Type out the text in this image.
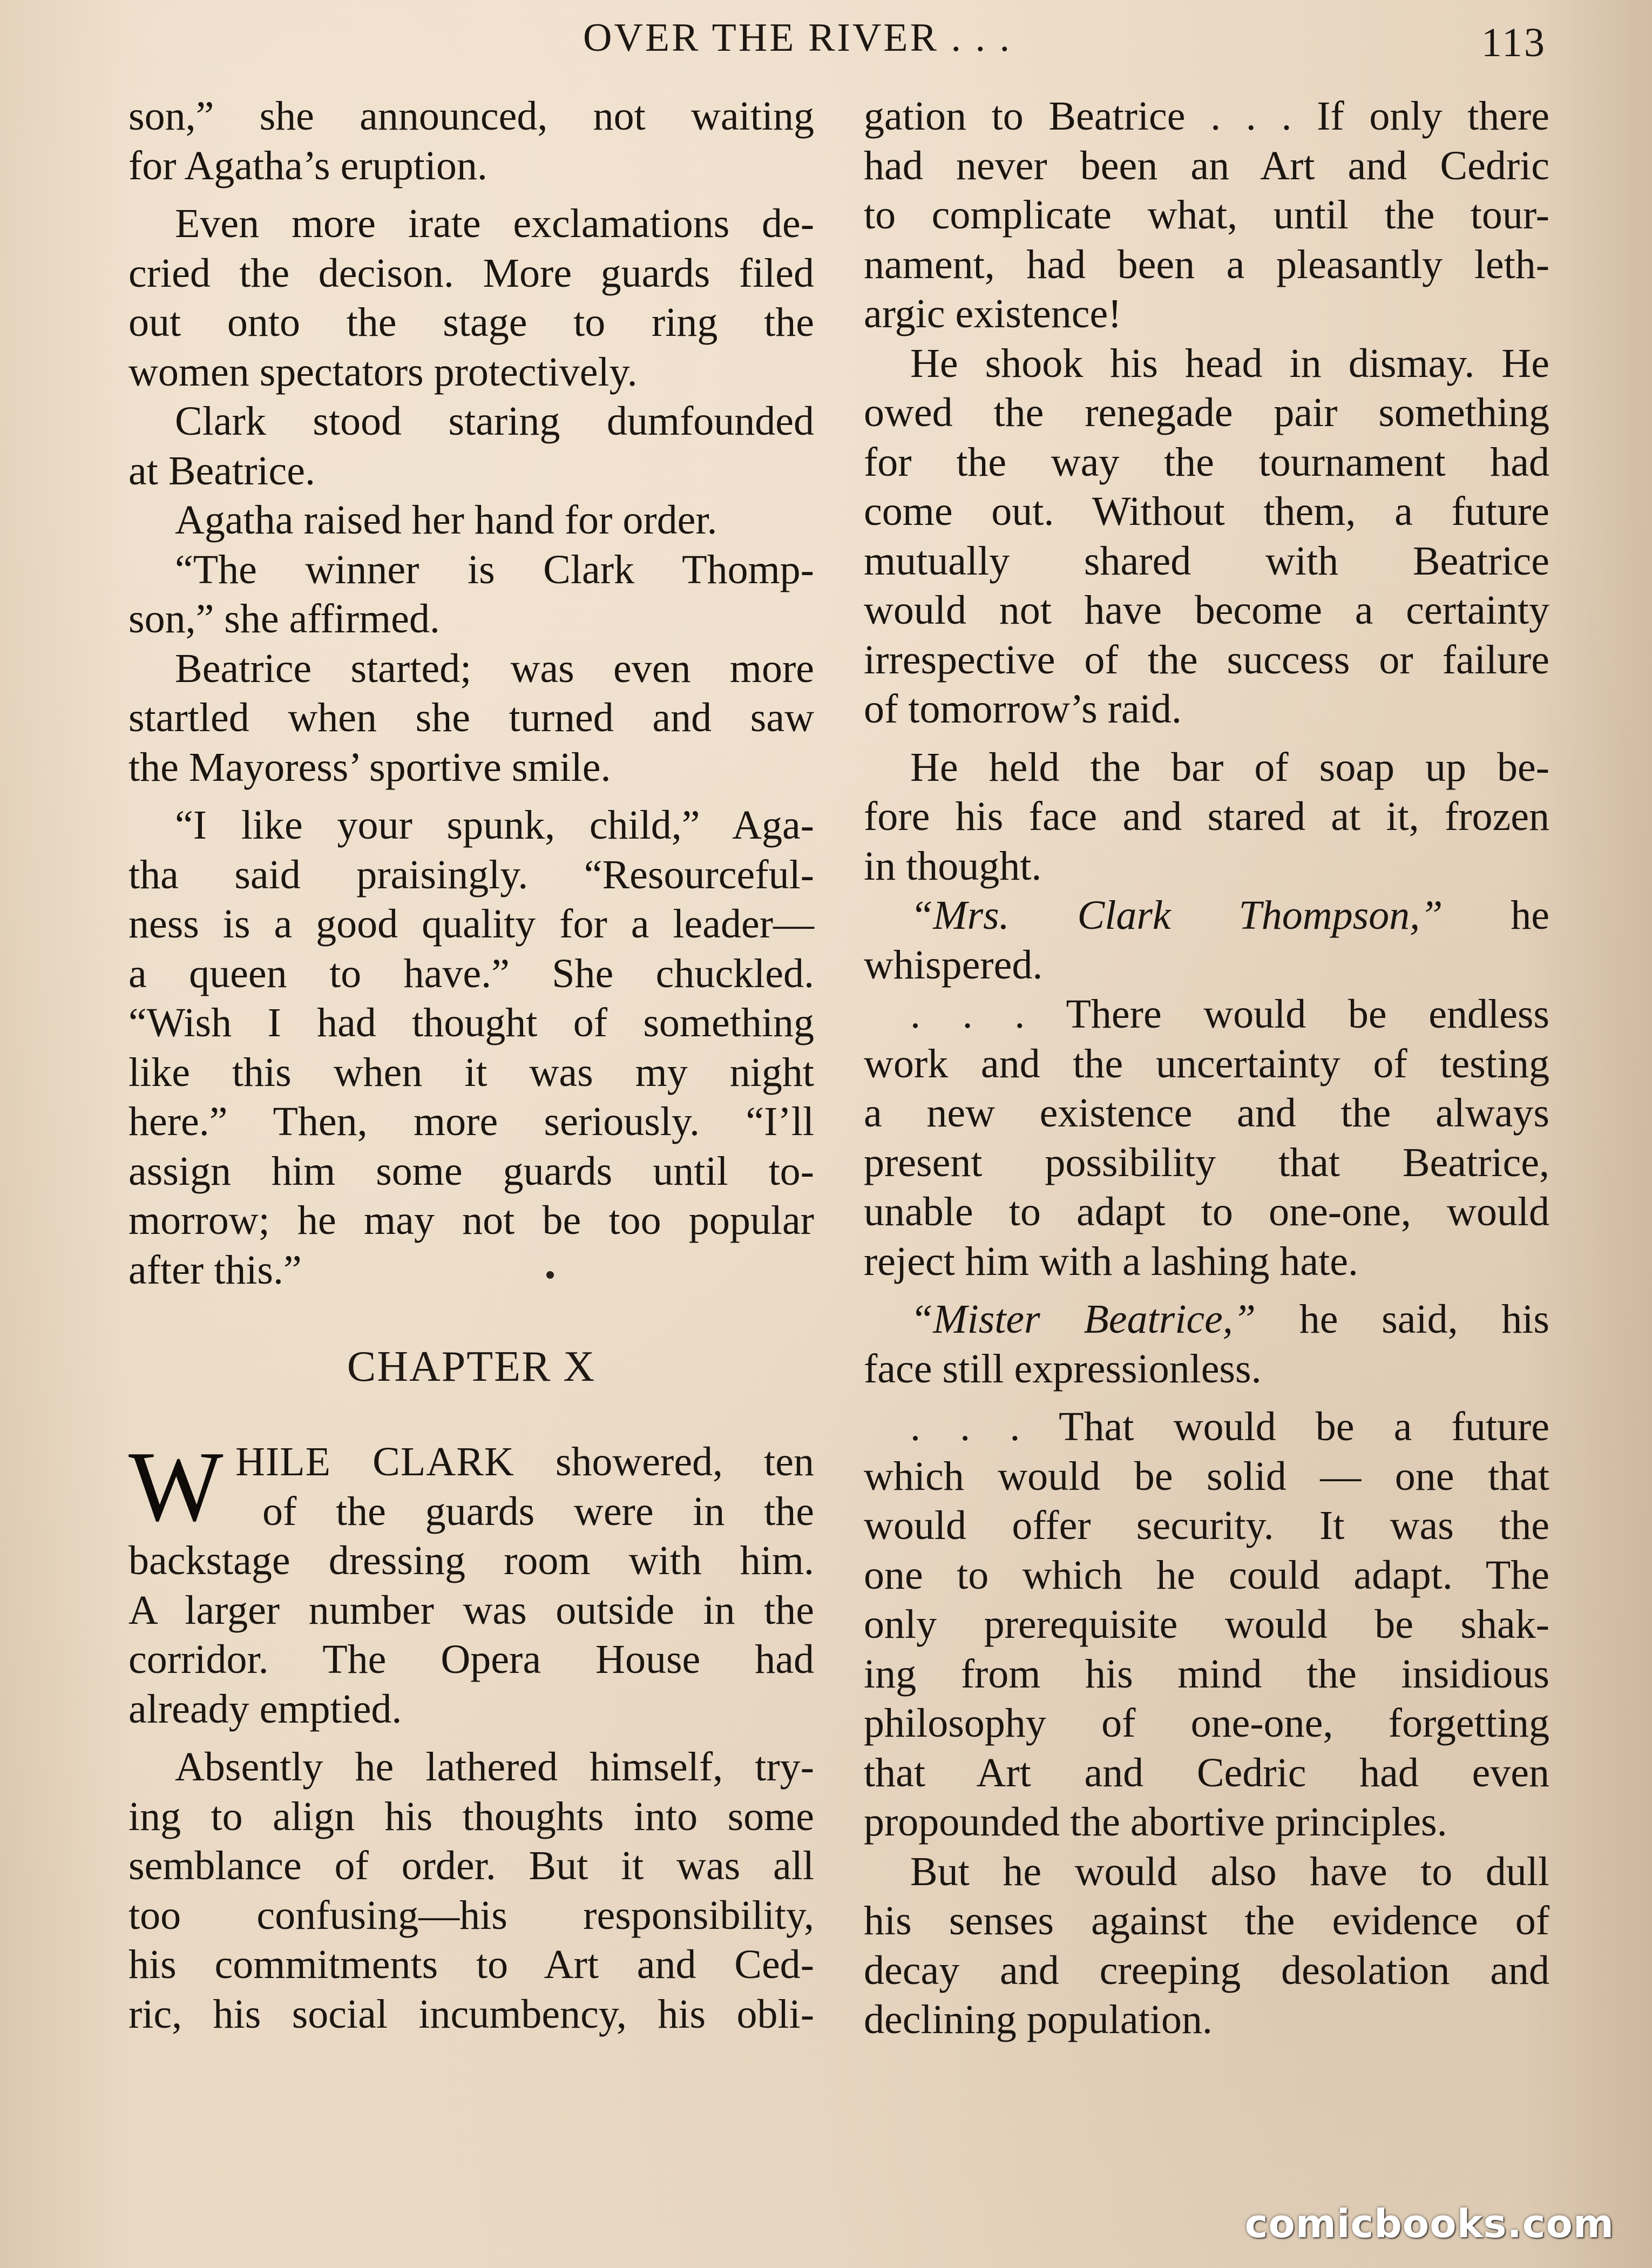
OVER THE RIVER . . .	113

son,” she announced, not waiting
for Agatha’s eruption.

Even more irate exclamations de-
cried the decison. More guards filed
out onto the stage to ring the
women spectators protectively.

Clark stood staring dumfounded
at Beatrice.

Agatha raised her hand for order.

“The winner is Clark Thomp-
son,” she affirmed.

Beatrice started; was even more
startled when she turned and saw
the Mayoress’ sportive smile.

“I like your spunk, child,” Aga-
tha said praisingly. “Resourceful-
ness is a good quality for a leader—
a queen to have.” She chuckled.
“Wish I had thought of something
like this when it was my night
here.” Then, more seriously. “I’ll
assign him some guards until to-
morrow; he may not be too popular
after this.”

CHAPTER X
W HILE CLARK showered, ten
of the guards were in the
backstage dressing room with him.
A larger number was outside in the
corridor. The Opera House had
already emptied.

Absently he lathered himself, try-
ing to align his thoughts into some
semblance of order. But it was all
too confusing—his responsibility,
his commitments to Art and Ced-
ric, his social incumbency, his obli-

gation to Beatrice . . . If only there
had never been an Art and Cedric
to complicate what, until the tour-
nament, had been a pleasantly leth-
argic existence!

He shook his head in dismay. He
owed the renegade pair something
for the way the tournament had
come out. Without them, a future
mutually shared with Beatrice
would not have become a certainty
irrespective of the success or failure
of tomorrow’s raid.

He held the bar of soap up be-
fore his face and stared at it, frozen
in thought.

“Mrs. Clark Thompson,” he
whispered.

. . . There would be endless
work and the uncertainty of testing
a new existence and the always
present possibility that Beatrice,
unable to adapt to one-one, would
reject him with a lashing hate.

“Mister Beatrice,” he said, his
face still expressionless.

. . . That would be a future
which would be solid — one that
would offer security. It was the
one to which he could adapt. The
only prerequisite would be shak-
ing from his mind the insidious
philosophy of one-one, forgetting
that Art and Cedric had even
propounded the abortive principles.

But he would also have to dull
his senses against the evidence of
decay and creeping desolation and
declining population.

comicbooks.com
